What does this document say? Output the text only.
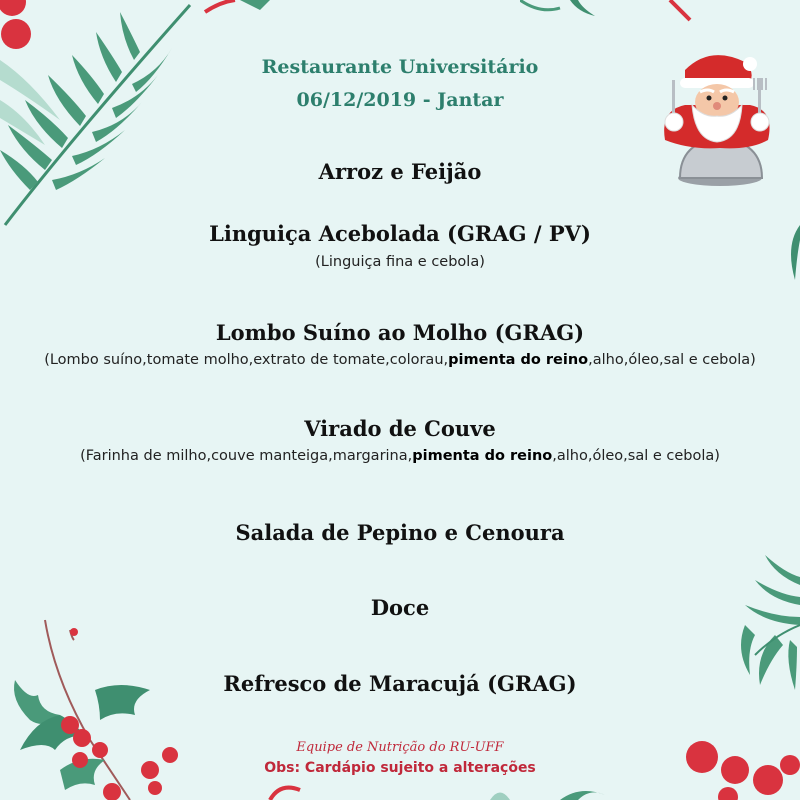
Restaurante Universitário
06/12/2019 - Jantar
Arroz e Feijão
Linguiça Acebolada (GRAG / PV)
(Linguiça fina e cebola)
Lombo Suíno ao Molho (GRAG)
(Lombo suíno,tomate molho,extrato de tomate,colorau,pimenta do reino,alho,óleo,sal e cebola)
Virado de Couve
(Farinha de milho,couve manteiga,margarina,pimenta do reino,alho,óleo,sal e cebola)
Salada de Pepino e Cenoura
Doce
Refresco de Maracujá (GRAG)
Equipe de Nutrição do RU-UFF
Obs: Cardápio sujeito a alterações
